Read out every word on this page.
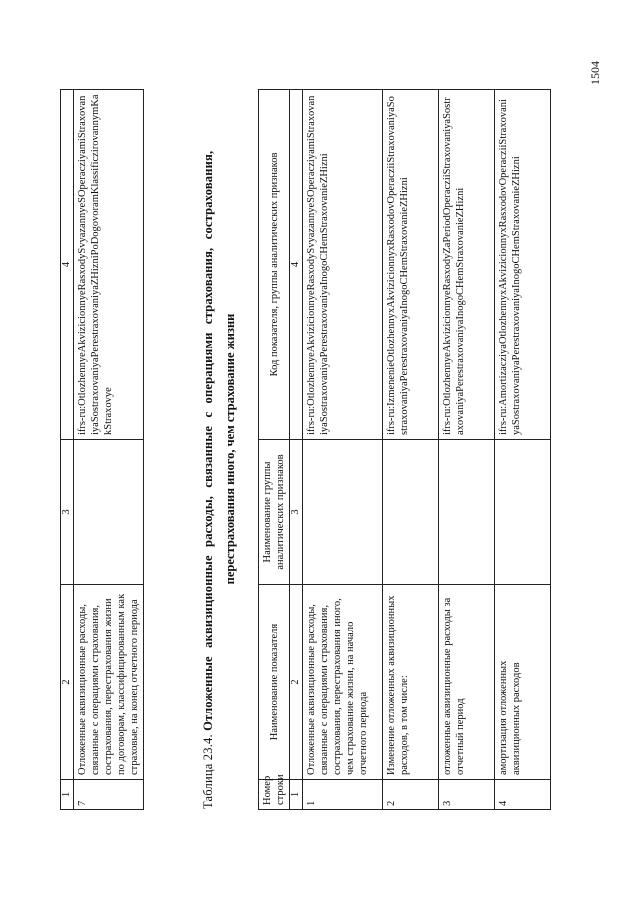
1	2	3	4
7	Отложенные аквизиционные расходы, связанные с операциями страхования, сострахования, перестрахования жизни по договорам, классифицированным как страховые, на конец отчетного периода		ifrs-ru:OtlozhennyeAkvizicionnyeRasxodySvyazannyeSOperacziyamiStraxovaniyaSostraxovaniyaPerestraxovaniyaZHizniPoDogovoramKlassificzirovannymKakStraxovye
Таблица 23.4. Отложенные аквизиционные расходы, связанные с операциями страхования, сострахования, перестрахования иного, чем страхование жизни
Номер строки	Наименование показателя	Наименование группы аналитических признаков	Код показателя, группы аналитических признаков
1	2	3	4
1	Отложенные аквизиционные расходы, связанные с операциями страхования, сострахования, перестрахования иного, чем страхование жизни, на начало отчетного периода		ifrs-ru:OtlozhennyeAkvizicionnyeRasxodySvyazannyeSOperacziyamiStraxovaniyaSostraxovaniyaPerestraxovaniyaInogoCHemStraxovanieZHizni
2	Изменение отложенных аквизиционных расходов, в том числе:		ifrs-ru:IzmenenieOtlozhennyxAkvizicionnyxRasxodovOperacziiStraxovaniyaSostraxovaniyaPerestraxovaniyaInogoCHemStraxovanieZHizni
3	отложенные аквизиционные расходы за отчетный период		ifrs-ru:OtlozhennyeAkvizicionnyeRasxodyZaPeriodOperacziiStraxovaniyaSostraxovaniyaPerestraxovaniyaInogoCHemStraxovanieZHizni
4	амортизация отложенных аквизиционных расходов		ifrs-ru:AmortizacziyaOtlozhennyxAkvizicionnyxRasxodovOperacziiStraxovaniyaSostraxovaniyaPerestraxovaniyaInogoCHemStraxovanieZHizni
1504
